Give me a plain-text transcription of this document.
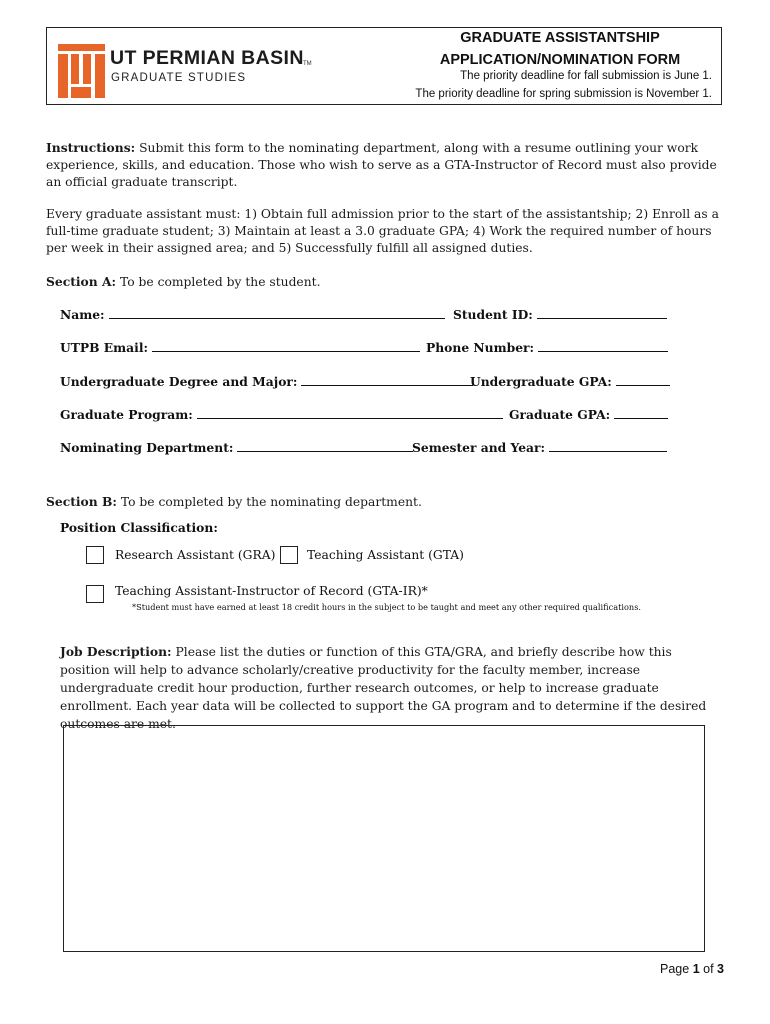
UT PERMIAN BASIN TM
GRADUATE STUDIES
GRADUATE ASSISTANTSHIP
APPLICATION/NOMINATION FORM
The priority deadline for fall submission is June 1.
The priority deadline for spring submission is November 1.
Instructions: Submit this form to the nominating department, along with a resume outlining your work experience, skills, and education. Those who wish to serve as a GTA-Instructor of Record must also provide an official graduate transcript.
Every graduate assistant must: 1) Obtain full admission prior to the start of the assistantship; 2) Enroll as a full-time graduate student; 3) Maintain at least a 3.0 graduate GPA; 4) Work the required number of hours per week in their assigned area; and 5) Successfully fulfill all assigned duties.
Section A: To be completed by the student.
Name:	Student ID:
UTPB Email:	Phone Number:
Undergraduate Degree and Major:	Undergraduate GPA:
Graduate Program:	Graduate GPA:
Nominating Department:	Semester and Year:
Section B: To be completed by the nominating department.
Position Classification:
Research Assistant (GRA)	Teaching Assistant (GTA)
Teaching Assistant-Instructor of Record (GTA-IR)*
*Student must have earned at least 18 credit hours in the subject to be taught and meet any other required qualifications.
Job Description: Please list the duties or function of this GTA/GRA, and briefly describe how this position will help to advance scholarly/creative productivity for the faculty member, increase undergraduate credit hour production, further research outcomes, or help to increase graduate enrollment. Each year data will be collected to support the GA program and to determine if the desired outcomes are met.
Page 1 of 3
